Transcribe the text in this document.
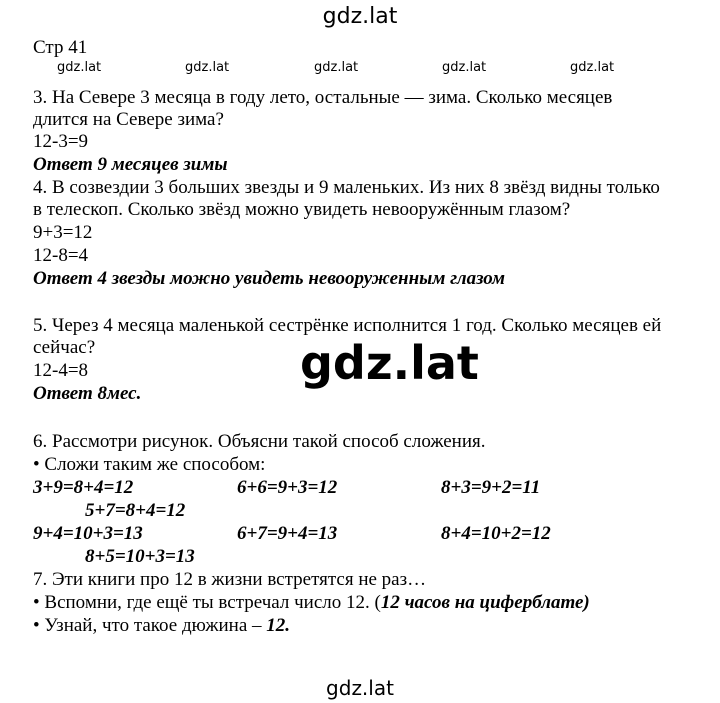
gdz.lat
gdz.lat	gdz.lat	gdz.lat	gdz.lat	gdz.lat
gdz.lat
gdz.lat
Стр 41
3. На Севере 3 месяца в году лето, остальные — зима. Сколько месяцев
длится на Севере зима?
12-3=9
Ответ 9 месяцев зимы
4. В созвездии 3 больших звезды и 9 маленьких. Из них 8 звёзд видны только
в телескоп. Сколько звёзд можно увидеть невооружённым глазом?
9+3=12
12-8=4
Ответ 4 звезды можно увидеть невооруженным глазом
5. Через 4 месяца маленькой сестрёнке исполнится 1 год. Сколько месяцев ей
сейчас?
12-4=8
Ответ 8мес.
6. Рассмотри рисунок. Объясни такой способ сложения.
• Сложи таким же способом:
3+9=8+4=12	6+6=9+3=12	8+3=9+2=11
5+7=8+4=12
9+4=10+3=13	6+7=9+4=13	8+4=10+2=12
8+5=10+3=13
7. Эти книги про 12 в жизни встретятся не раз…
• Вспомни, где ещё ты встречал число 12. (12 часов на циферблате)
• Узнай, что такое дюжина – 12.
